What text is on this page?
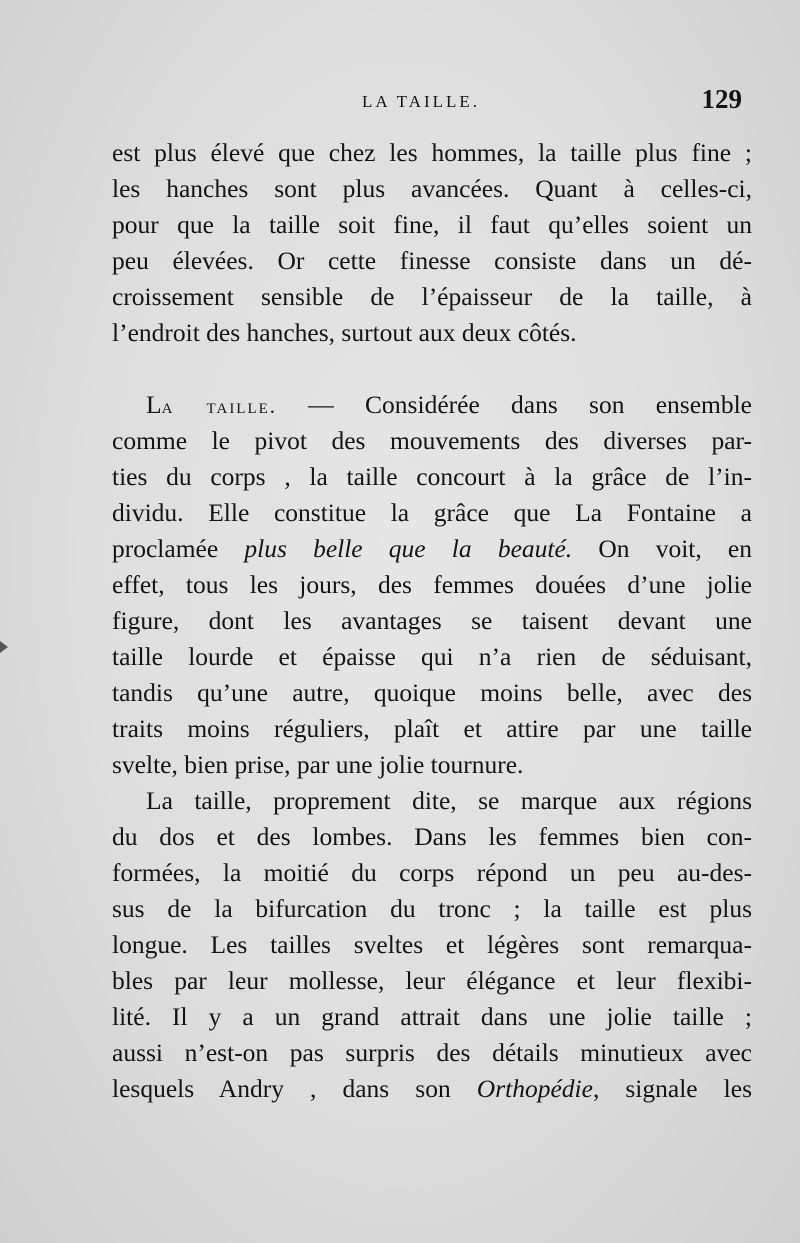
LA TAILLE.	129
est plus élevé que chez les hommes, la taille plus fine ;
les hanches sont plus avancées. Quant à celles-ci,
pour que la taille soit fine, il faut qu’elles soient un
peu élevées. Or cette finesse consiste dans un dé-
croissement sensible de l’épaisseur de la taille, à
l’endroit des hanches, surtout aux deux côtés.
La taille. — Considérée dans son ensemble
comme le pivot des mouvements des diverses par-
ties du corps , la taille concourt à la grâce de l’in-
dividu. Elle constitue la grâce que La Fontaine a
proclamée plus belle que la beauté. On voit, en
effet, tous les jours, des femmes douées d’une jolie
figure, dont les avantages se taisent devant une
taille lourde et épaisse qui n’a rien de séduisant,
tandis qu’une autre, quoique moins belle, avec des
traits moins réguliers, plaît et attire par une taille
svelte, bien prise, par une jolie tournure.
La taille, proprement dite, se marque aux régions
du dos et des lombes. Dans les femmes bien con-
formées, la moitié du corps répond un peu au-des-
sus de la bifurcation du tronc ; la taille est plus
longue. Les tailles sveltes et légères sont remarqua-
bles par leur mollesse, leur élégance et leur flexibi-
lité. Il y a un grand attrait dans une jolie taille ;
aussi n’est-on pas surpris des détails minutieux avec
lesquels Andry , dans son Orthopédie, signale les
